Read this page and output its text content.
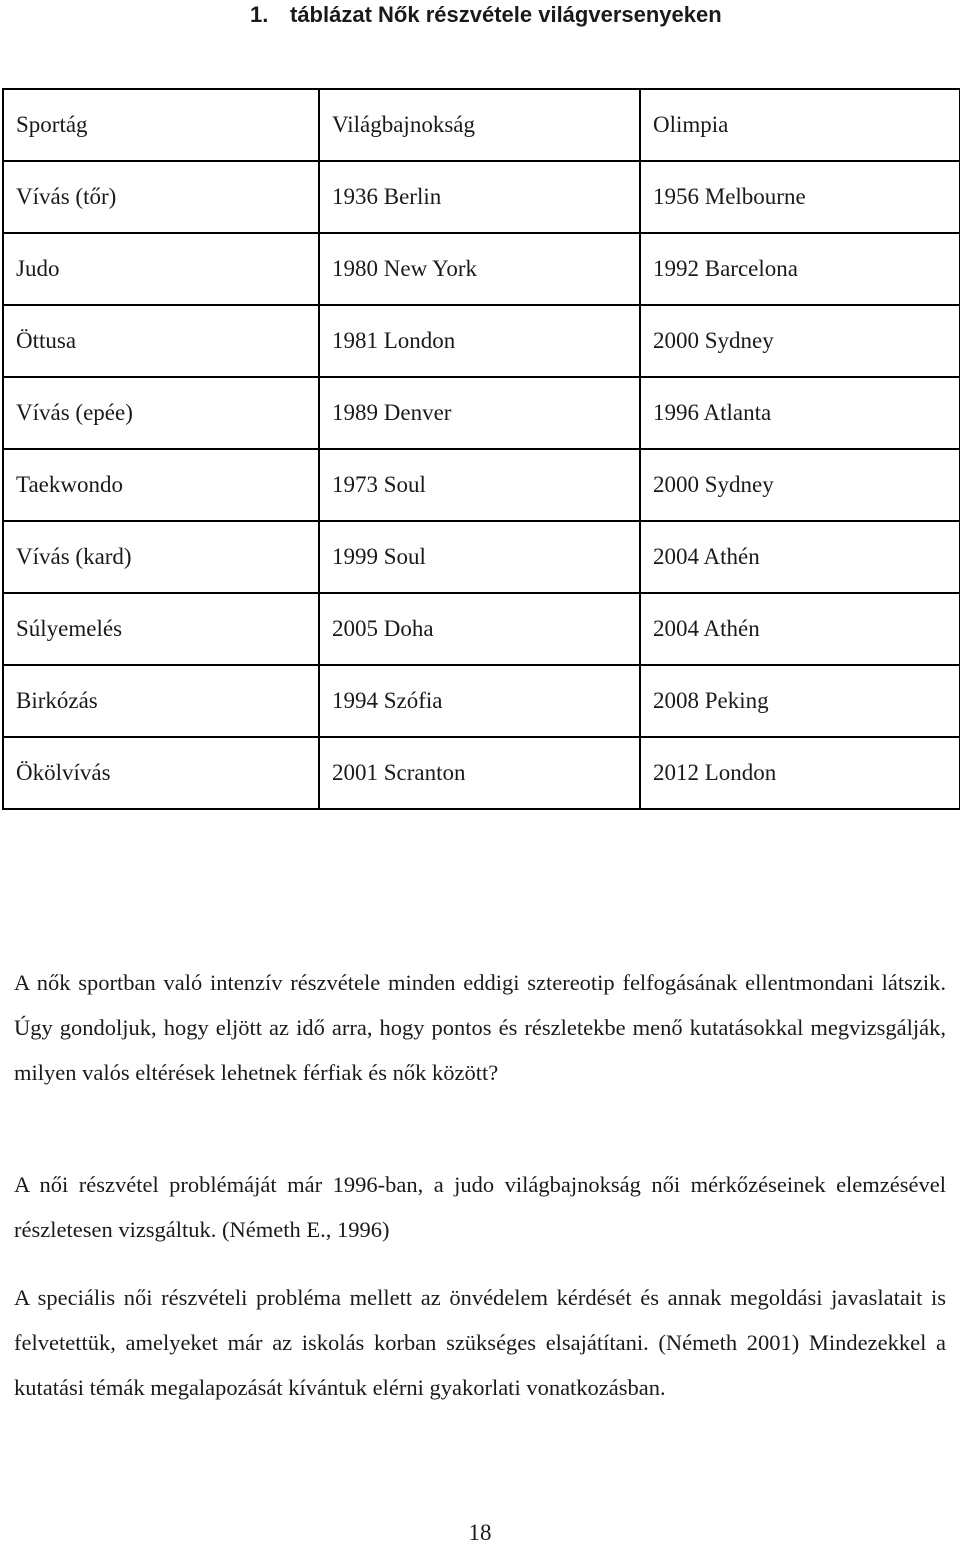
1. táblázat Nők részvétele világversenyeken
Sportág	Világbajnokság	Olimpia
Vívás (tőr)	1936 Berlin	1956 Melbourne
Judo	1980 New York	1992 Barcelona
Öttusa	1981 London	2000 Sydney
Vívás (epée)	1989 Denver	1996 Atlanta
Taekwondo	1973 Soul	2000 Sydney
Vívás (kard)	1999 Soul	2004 Athén
Súlyemelés	2005 Doha	2004 Athén
Birkózás	1994 Szófia	2008 Peking
Ökölvívás	2001 Scranton	2012 London

A nők sportban való intenzív részvétele minden eddigi sztereotip felfogásának ellentmondani látszik. Úgy gondoljuk, hogy eljött az idő arra, hogy pontos és részletekbe menő kutatásokkal megvizsgálják, milyen valós eltérések lehetnek férfiak és nők között?

A női részvétel problémáját már 1996-ban, a judo világbajnokság női mérkőzéseinek elemzésével részletesen vizsgáltuk. (Németh E., 1996)

A speciális női részvételi probléma mellett az önvédelem kérdését és annak megoldási javaslatait is felvetettük, amelyeket már az iskolás korban szükséges elsajátítani. (Németh 2001) Mindezekkel a kutatási témák megalapozását kívántuk elérni gyakorlati vonatkozásban.

18
